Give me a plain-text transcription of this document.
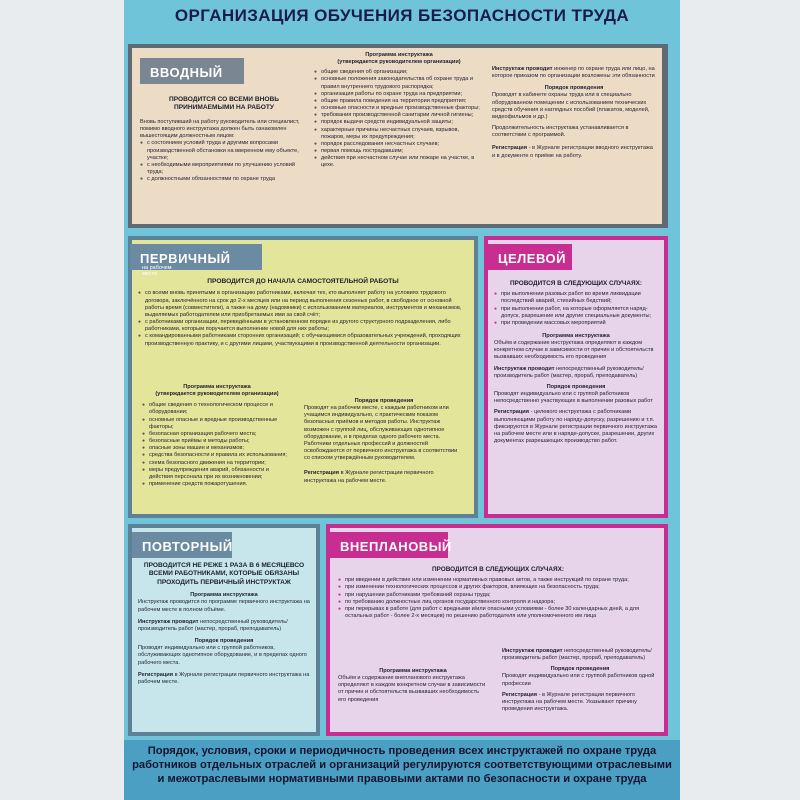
ОРГАНИЗАЦИЯ ОБУЧЕНИЯ БЕЗОПАСНОСТИ ТРУДА
ВВОДНЫЙ
ПРОВОДИТСЯ СО ВСЕМИ ВНОВЬ ПРИНИМАЕМЫМИ НА РАБОТУ
Вновь поступивший на работу руководитель или специалист, помимо вводного инструктажа должен быть ознакомлен вышестоящим должностным лицом:
● с состоянием условий труда и другими вопросами производственной обстановки на вверенном ему объекте, участке;
● с необходимыми мероприятиями по улучшению условий труда;
● с должностными обязанностями по охране труда
Программа инструктажа
(утверждается руководителем организации)
● общие сведения об организации;
● основные положения законодательства об охране труда и правил внутреннего трудового распорядка;
● организация работы по охране труда на предприятии;
● общие правила поведения на территории предприятия;
● основные опасности и вредные производственные факторы;
● требования производственной санитарии личной гигиены;
● порядок выдачи средств индивидуальной защиты;
● характерные причины несчастных случаев, взрывов, пожаров, меры их предупреждения;
● порядок расследования несчастных случаев;
● первая помощь пострадавшим;
● действия при несчастном случае или пожаре на участке, в цехе.
Инструктаж проводит инженер по охране труда или лицо, на которое приказом по организации возложены эти обязанности
Порядок проведения
Проводят в кабинете охраны труда или в специально оборудованном помещении с использованием технических средств обучения и наглядных пособий (плакатов, моделей, видеофильмов и др.)
Продолжительность инструктажа устанавливается в соответствии с программой.
Регистрация - в Журнале регистрации вводного инструктажа и в документе о приёме на работу.
ПЕРВИЧНЫЙна рабочем месте
ПРОВОДИТСЯ ДО НАЧАЛА САМОСТОЯТЕЛЬНОЙ РАБОТЫ
● со всеми вновь принятыми в организацию работниками, включая тех, кто выполняет работу на условиях трудового договора, заключённого на срок до 2-х месяцев или на период выполнения сезонных работ, в свободное от основной работы время (совместители), а также на дому (надомники) с использованием материалов, инструментов и механизмов, выделяемых работодателем или приобретаемых ими за свой счёт;
● с работниками организации, переведёнными в установленном порядке из другого структурного подразделения, либо работниками, которым поручается выполнение новой для них работы;
● с командированными работниками сторонних организаций; с обучающимися образовательных учреждений, проходящих производственную практику, и с другими лицами, участвующими в производственной деятельности организации.
Программа инструктажа
(утверждается руководителем организации)
● общие сведения о технологическом процессе и оборудовании;
● основные опасные и вредные производственные факторы;
● безопасная организация рабочего места;
● безопасные приёмы и методы работы;
● опасные зоны машин и механизмов;
● средства безопасности и правила их использования;
● схема безопасного движения на территории;
● меры предупреждения аварий, обязанности и действия персонала при их возникновении;
● применение средств пожаротушения.
Порядок проведения
Проводят на рабочем месте, с каждым работником или учащимся индивидуально, с практическим показом безопасных приёмов и методов работы. Инструктаж возможен с группой лиц, обслуживающих однотипное оборудование, и в пределах одного рабочего места. Работники отдельных профессий и должностей освобождаются от первичного инструктажа в соответствии со списком утверждённым руководителем.
Регистрация в Журнале регистрации первичного инструктажа на рабочем месте.
ЦЕЛЕВОЙ
ПРОВОДИТСЯ В СЛЕДУЮЩИХ СЛУЧАЯХ:
● при выполнении разовых работ во время ликвидации последствий аварий, стихийных бедствий;
● при выполнении работ, на которые оформляется наряд-допуск, разрешение или другие специальные документы;
● при проведении массовых мероприятий
Программа инструктажа
Объём и содержание инструктажа определяют в каждом конкретном случае в зависимости от причин и обстоятельств вызвавших необходимость его проведения
Инструктаж проводит непосредственный руководитель/производитель работ (мастер, прораб, преподаватель)
Порядок проведения
Проводят индивидуально или с группой работников непосредственно участвующих в выполнении разовых работ
Регистрация - целевого инструктажа с работниками выполняющими работу по наряду-допуску, разрешению и т.п. фиксируются в Журнале регистрации первичного инструктажа на рабочем месте или в наряде-допуске, разрешении, других документах разрешающих производство работ.
ПОВТОРНЫЙ
ПРОВОДИТСЯ НЕ РЕЖЕ 1 РАЗА В 6 МЕСЯЦЕВСО ВСЕМИ РАБОТНИКАМИ, КОТОРЫЕ ОБЯЗАНЫ ПРОХОДИТЬ ПЕРВИЧНЫЙ ИНСТРУКТАЖ
Программа инструктажа
Инструктаж проводится по программе первичного инструктажа на рабочем месте в полном объёме.
Инструктаж проводит непосредственный руководитель/производитель работ (мастер, прораб, преподаватель)
Порядок проведения
Проводят индивидуально или с группой работников, обслуживающих однотипное оборудование, и в пределах одного рабочего места.
Регистрация в Журнале регистрации первичного инструктажа на рабочем месте.
ВНЕПЛАНОВЫЙ
ПРОВОДИТСЯ В СЛЕДУЮЩИХ СЛУЧАЯХ:
● при введении в действие или изменении нормативных правовых актов, а также инструкций по охране труда;
● при изменении технологических процессов и других факторов, влияющих на безопасность труда;
● при нарушении работниками требований охраны труда;
● по требованию должностных лиц органов государственного контроля и надзора;
● при перерывах в работе (для работ с вредными и/или опасными условиями - более 30 календарных дней, а для остальных работ - более 2-х месяцев) по решению работодателя или уполномоченного им лица
Программа инструктажа
Объём и содержание внепланового инструктажа определяют в каждом конкретном случае в зависимости от причин и обстоятельств вызвавших необходимость его проведения
Инструктаж проводит непосредственный руководитель/производитель работ (мастер, прораб, преподаватель)
Порядок проведения
Проводят индивидуально или с группой работников одной профессии
Регистрация - в Журнале регистрации первичного инструктажа на рабочем месте. Указывают причину проведения инструктажа.
Порядок, условия, сроки и периодичность проведения всех инструктажей по охране труда работников отдельных отраслей и организаций регулируются соответствующими отраслевыми и межотраслевыми нормативными правовыми актами по безопасности и охране труда
